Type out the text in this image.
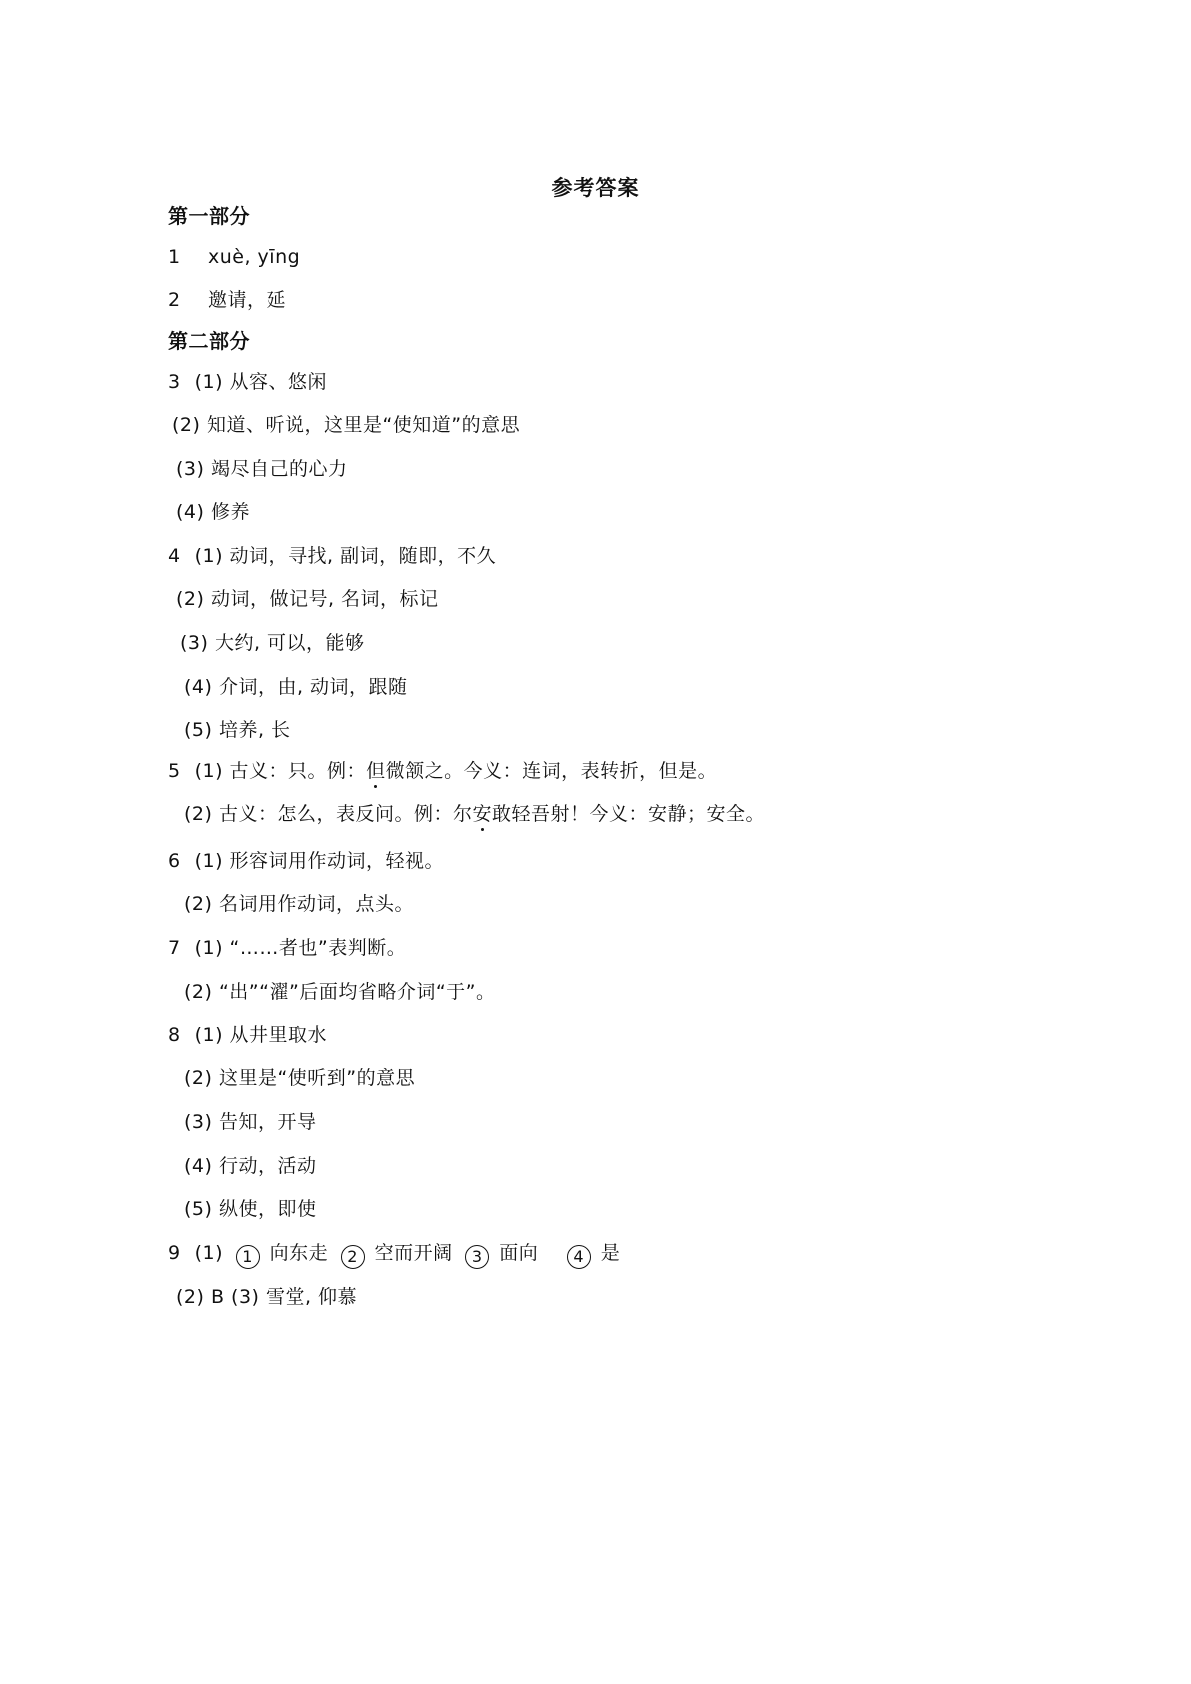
参考答案
第一部分
1 xuè, yīng
2 邀请，延
第二部分
3 (1) 从容、悠闲
(2) 知道、听说，这里是“使知道”的意思
(3) 竭尽自己的心力
(4) 修养
4 (1) 动词，寻找, 副词，随即，不久
(2) 动词，做记号, 名词，标记
(3) 大约, 可以，能够
(4) 介词，由, 动词，跟随
(5) 培养, 长
5 (1) 古义：只。例：但微颔之。今义：连词，表转折，但是。
(2) 古义：怎么，表反问。例：尔安敢轻吾射！今义：安静；安全。
6 (1) 形容词用作动词，轻视。
(2) 名词用作动词，点头。
7 (1) “……者也”表判断。
(2) “出”“濯”后面均省略介词“于”。
8 (1) 从井里取水
(2) 这里是“使听到”的意思
(3) 告知，开导
(4) 行动，活动
(5) 纵使，即使
9 (1) 1 向东走 2 空而开阔 3 面向 4 是
(2) B (3) 雪堂, 仰慕
